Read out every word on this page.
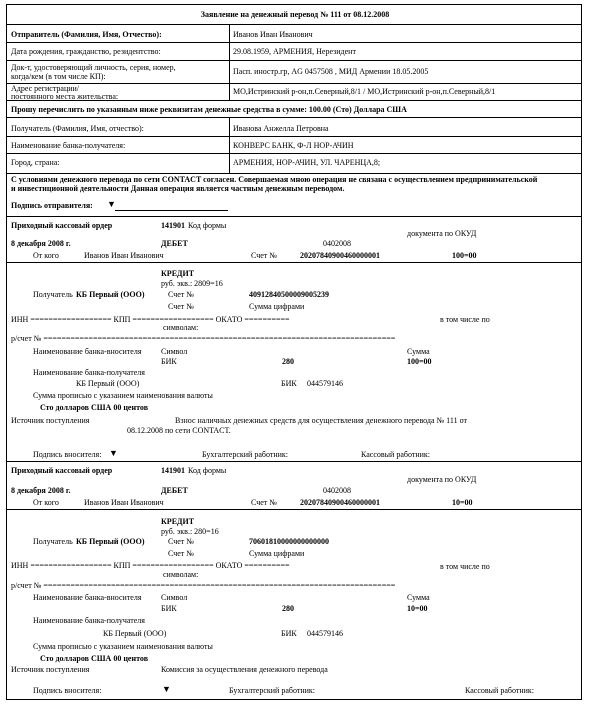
Заявление на денежный перевод № 111 от 08.12.2008
Отправитель (Фамилия, Имя, Отчество):	Иванов Иван Иванович
Дата рождения, гражданство, резидентство:	29.08.1959, АРМЕНИЯ, Нерезидент
Док-т, удостоверяющий личность, серия, номер,
когда/кем (в том числе КП):
Пасп. иностр.гр, AG 0457508 , МИД Армении 18.05.2005
Адрес регистрации/
постоянного места жительства:
МО,Истринский р-он,п.Северный,8/1 / МО,Истринский р-он,п.Северный,8/1
Прошу перечислить по указанным ниже реквизитам денежные средства в сумме: 100.00 (Сто) Доллара США
Получатель (Фамилия, Имя, отчество):	Иванова Анжелла Петровна
Наименование банка-получателя:	КОНВЕРС БАНК, Ф-Л НОР-АЧИН
Город, страна:	АРМЕНИЯ, НОР-АЧИН, УЛ. ЧАРЕНЦА,8;
С условиями денежного перевода по сети CONTACT согласен. Совершаемая мною операция не связана с осуществлением предпринимательской
и инвестиционной деятельности Данная операция является частным денежным переводом.
Подпись отправителя: ▼
Приходный кассовый ордер	141901 Код формы
документа по ОКУД
8 декабря 2008 г.	ДЕБЕТ	0402008
От кого	Иванов Иван Иванович	Счет №	20207840900460000001	100=00
КРЕДИТ
руб. экв.: 2809=16
Получатель КБ Первый (ООО)	Счет №	40912840500009005239
Счет №	Сумма цифрами
ИНН ================== КПП ================== ОКАТО ==========	в том числе по
символам:
р/счет № ==============================================================================
Наименование банка-вносителя Символ	Сумма
БИК	280	100=00
Наименование банка-получателя
КБ Первый (ООО)	БИК 044579146
Сумма прописью с указанием наименования валюты
Сто долларов США 00 центов
Источник поступления	Взнос наличных денежных средств для осуществления денежного перевода № 111 от
08.12.2008 по сети CONTACT.
Подпись вносителя: ▼	Бухгалтерский работник:	Кассовый работник:
Приходный кассовый ордер	141901 Код формы
документа по ОКУД
8 декабря 2008 г.	ДЕБЕТ	0402008
От кого	Иванов Иван Иванович	Счет №	20207840900460000001	10=00
КРЕДИТ
руб. экв.: 280=16
Получатель КБ Первый (ООО)	Счет №	70601810000000000000
Счет №	Сумма цифрами
ИНН ================== КПП ================== ОКАТО ==========	в том числе по
символам:
р/счет № ==============================================================================
Наименование банка-вносителя Символ	Сумма
БИК	280	10=00
Наименование банка-получателя
КБ Первый (ООО)	БИК 044579146
Сумма прописью с указанием наименования валюты
Сто долларов США 00 центов
Источник поступления	Комиссия за осуществления денежного перевода
Подпись вносителя:	▼	Бухгалтерский работник:	Кассовый работник:
